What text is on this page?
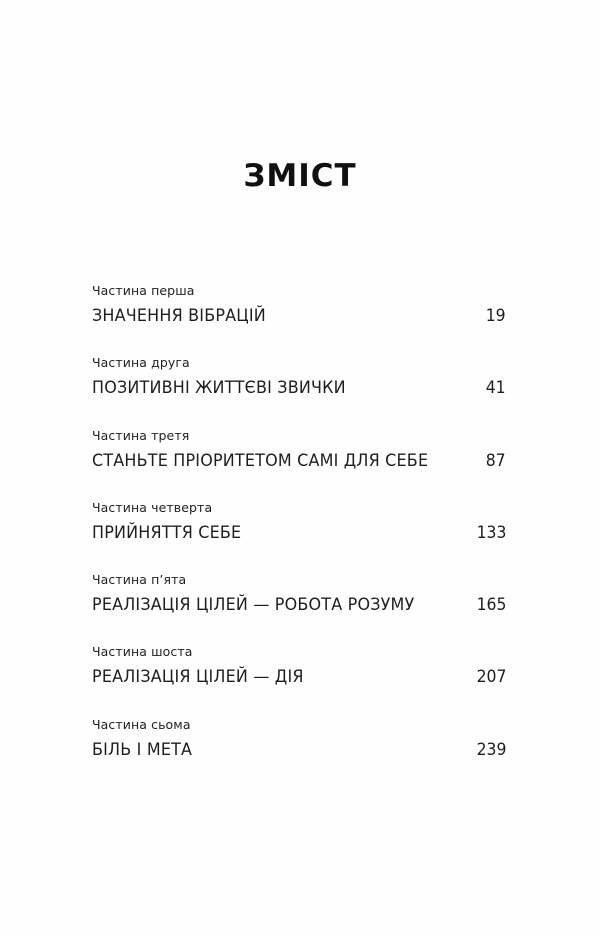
ЗМІСТ
Частина перша
ЗНАЧЕННЯ ВІБРАЦІЙ	19
Частина друга
ПОЗИТИВНІ ЖИТТЄВІ ЗВИЧКИ	41
Частина третя
СТАНЬТЕ ПРІОРИТЕТОМ САМІ ДЛЯ СЕБЕ	87
Частина четверта
ПРИЙНЯТТЯ СЕБЕ	133
Частина п’ята
РЕАЛІЗАЦІЯ ЦІЛЕЙ — РОБОТА РОЗУМУ	165
Частина шоста
РЕАЛІЗАЦІЯ ЦІЛЕЙ — ДІЯ	207
Частина сьома
БІЛЬ І МЕТА	239
